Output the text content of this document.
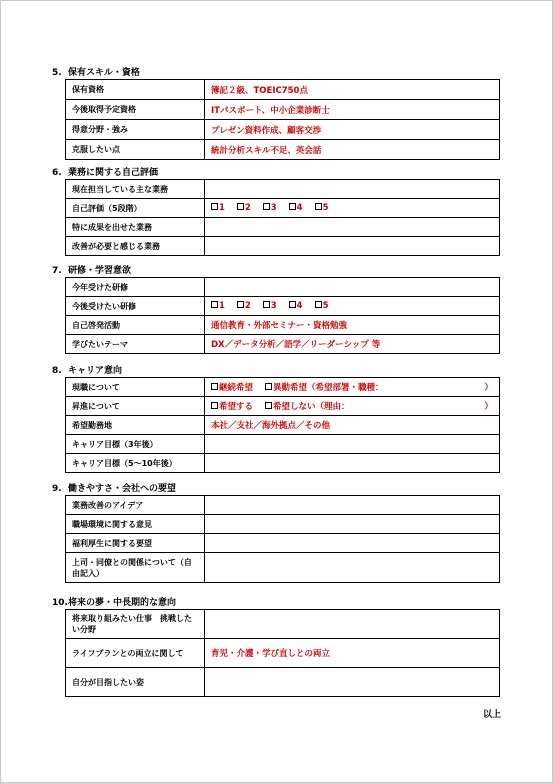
5. 保有スキル・資格
保有資格	簿記２級、TOEIC750点
今後取得予定資格	ITパスポート、中小企業診断士
得意分野・強み	プレゼン資料作成、顧客交渉
克服したい点	統計分析スキル不足、英会話
6. 業務に関する自己評価
現在担当している主な業務	
自己評価（5段階）	1 2 3 4 5
特に成果を出せた業務	
改善が必要と感じる業務	
7. 研修・学習意欲
今年受けた研修	
今後受けたい研修	1 2 3 4 5
自己啓発活動	通信教育・外部セミナー・資格勉強
学びたいテーマ	DX／データ分析／語学／リーダーシップ 等
8. キャリア意向
現職について	継続希望 異動希望（希望部署・職種： ）

昇進について	希望する 希望しない（理由： ）

希望勤務地	本社／支社／海外拠点／その他
キャリア目標（3年後）	
キャリア目標（5～10年後）	
9. 働きやすさ・会社への要望
業務改善のアイデア	
職場環境に関する意見	
福利厚生に関する要望	
上司・同僚との関係について（自由記入）	
10.将来の夢・中長期的な意向
将来取り組みたい仕事　挑戦したい分野	
ライフプランとの両立に関して	育児・介護・学び直しとの両立
自分が目指したい姿	
以上
